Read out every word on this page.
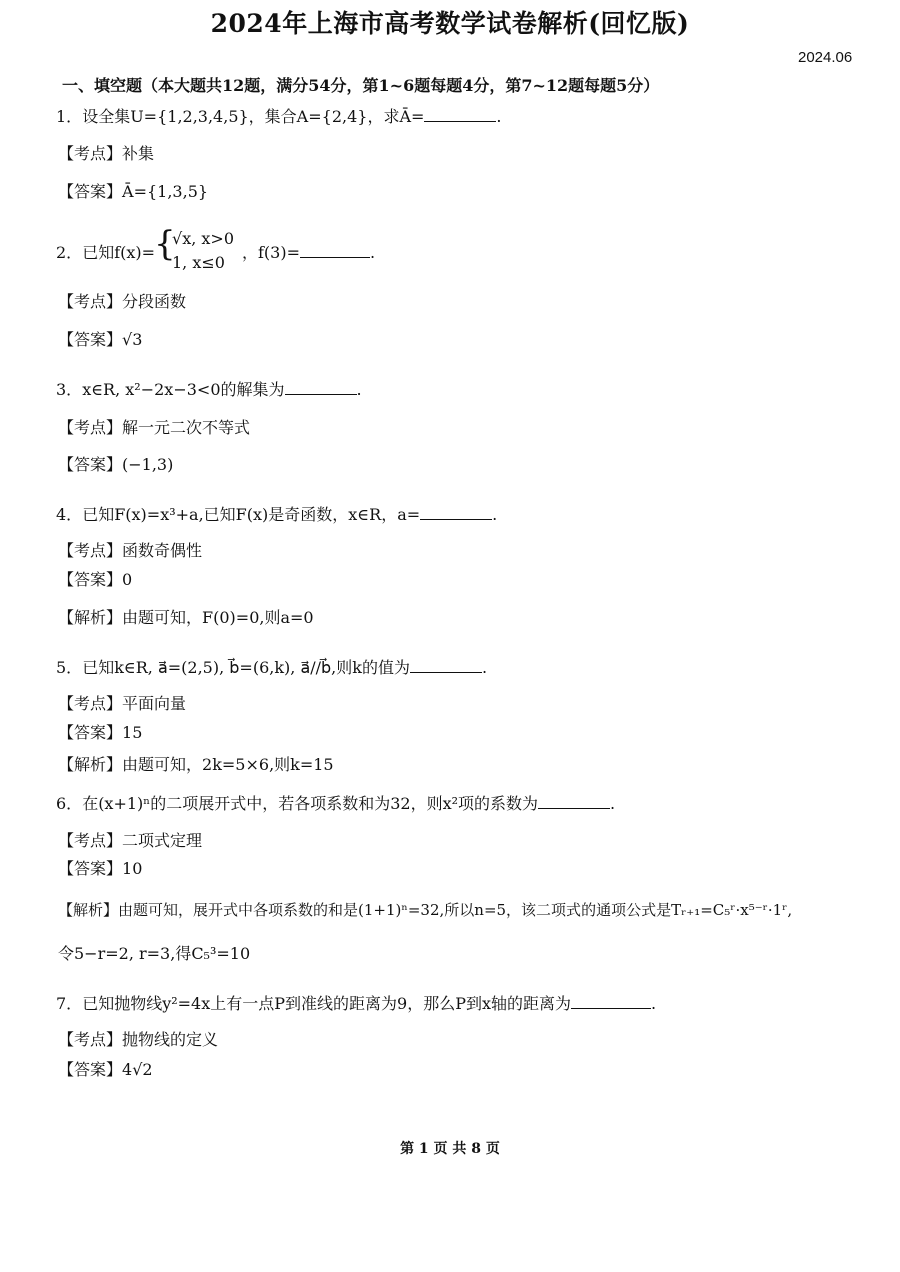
2024年上海市高考数学试卷解析(回忆版)
2024.06
一、填空题（本大题共12题，满分54分，第1~6题每题4分，第7~12题每题5分）
1．设全集U={1,2,3,4,5}，集合A={2,4}，求Ā=	.
【考点】补集
【答案】Ā={1,3,5}
2．已知f(x)=
{
√x, x>0
1, x≤0
，f(3)=	.
【考点】分段函数
【答案】√3
3．x∈R, x²−2x−3<0的解集为	.
【考点】解一元二次不等式
【答案】(−1,3)
4．已知F(x)=x³+a,已知F(x)是奇函数，x∈R，a=	.
【考点】函数奇偶性
【答案】0
【解析】由题可知，F(0)=0,则a=0
5．已知k∈R, a⃗=(2,5), b⃗=(6,k), a⃗//b⃗,则k的值为	.
【考点】平面向量
【答案】15
【解析】由题可知，2k=5×6,则k=15
6．在(x+1)ⁿ的二项展开式中，若各项系数和为32，则x²项的系数为	.
【考点】二项式定理
【答案】10
【解析】由题可知，展开式中各项系数的和是(1+1)ⁿ=32,所以n=5，该二项式的通项公式是Tᵣ₊₁=C₅ʳ·x⁵⁻ʳ·1ʳ,
令5−r=2, r=3,得C₅³=10
7．已知抛物线y²=4x上有一点P到准线的距离为9，那么P到x轴的距离为	.
【考点】抛物线的定义
【答案】4√2
第 1 页 共 8 页
